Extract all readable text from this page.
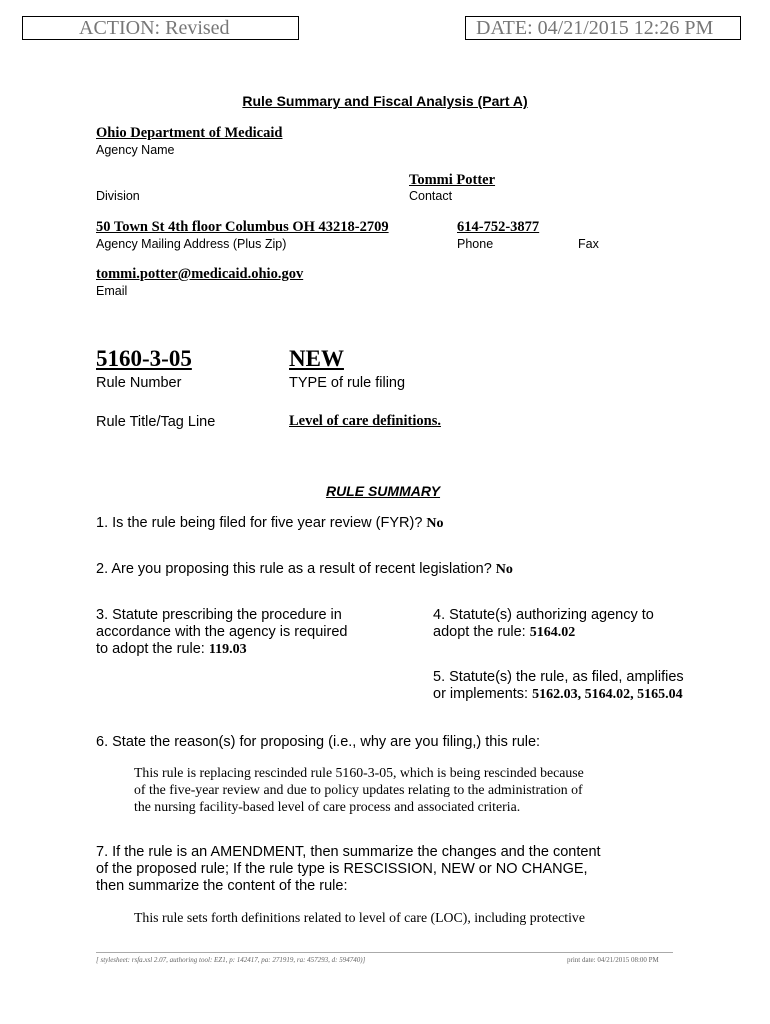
ACTION: Revised	DATE: 04/21/2015 12:26 PM
Rule Summary and Fiscal Analysis (Part A)
Ohio Department of Medicaid
Agency Name
Tommi Potter
Division	Contact
50 Town St 4th floor Columbus OH 43218-2709	614-752-3877
Agency Mailing Address (Plus Zip)	Phone	Fax
tommi.potter@medicaid.ohio.gov
Email
5160-3-05	NEW
Rule Number	TYPE of rule filing
Rule Title/Tag Line	Level of care definitions.
RULE SUMMARY
1. Is the rule being filed for five year review (FYR)? No
2. Are you proposing this rule as a result of recent legislation? No
3. Statute prescribing the procedure in
accordance with the agency is required
to adopt the rule: 119.03
4. Statute(s) authorizing agency to
adopt the rule: 5164.02
5. Statute(s) the rule, as filed, amplifies
or implements: 5162.03, 5164.02, 5165.04
6. State the reason(s) for proposing (i.e., why are you filing,) this rule:
This rule is replacing rescinded rule 5160-3-05, which is being rescinded because
of the five-year review and due to policy updates relating to the administration of
the nursing facility-based level of care process and associated criteria.
7. If the rule is an AMENDMENT, then summarize the changes and the content
of the proposed rule; If the rule type is RESCISSION, NEW or NO CHANGE,
then summarize the content of the rule:
This rule sets forth definitions related to level of care (LOC), including protective
[ stylesheet: rsfa.xsl 2.07, authoring tool: EZ1, p: 142417, pa: 271919, ra: 457293, d: 594740)]	print date: 04/21/2015 08:00 PM
